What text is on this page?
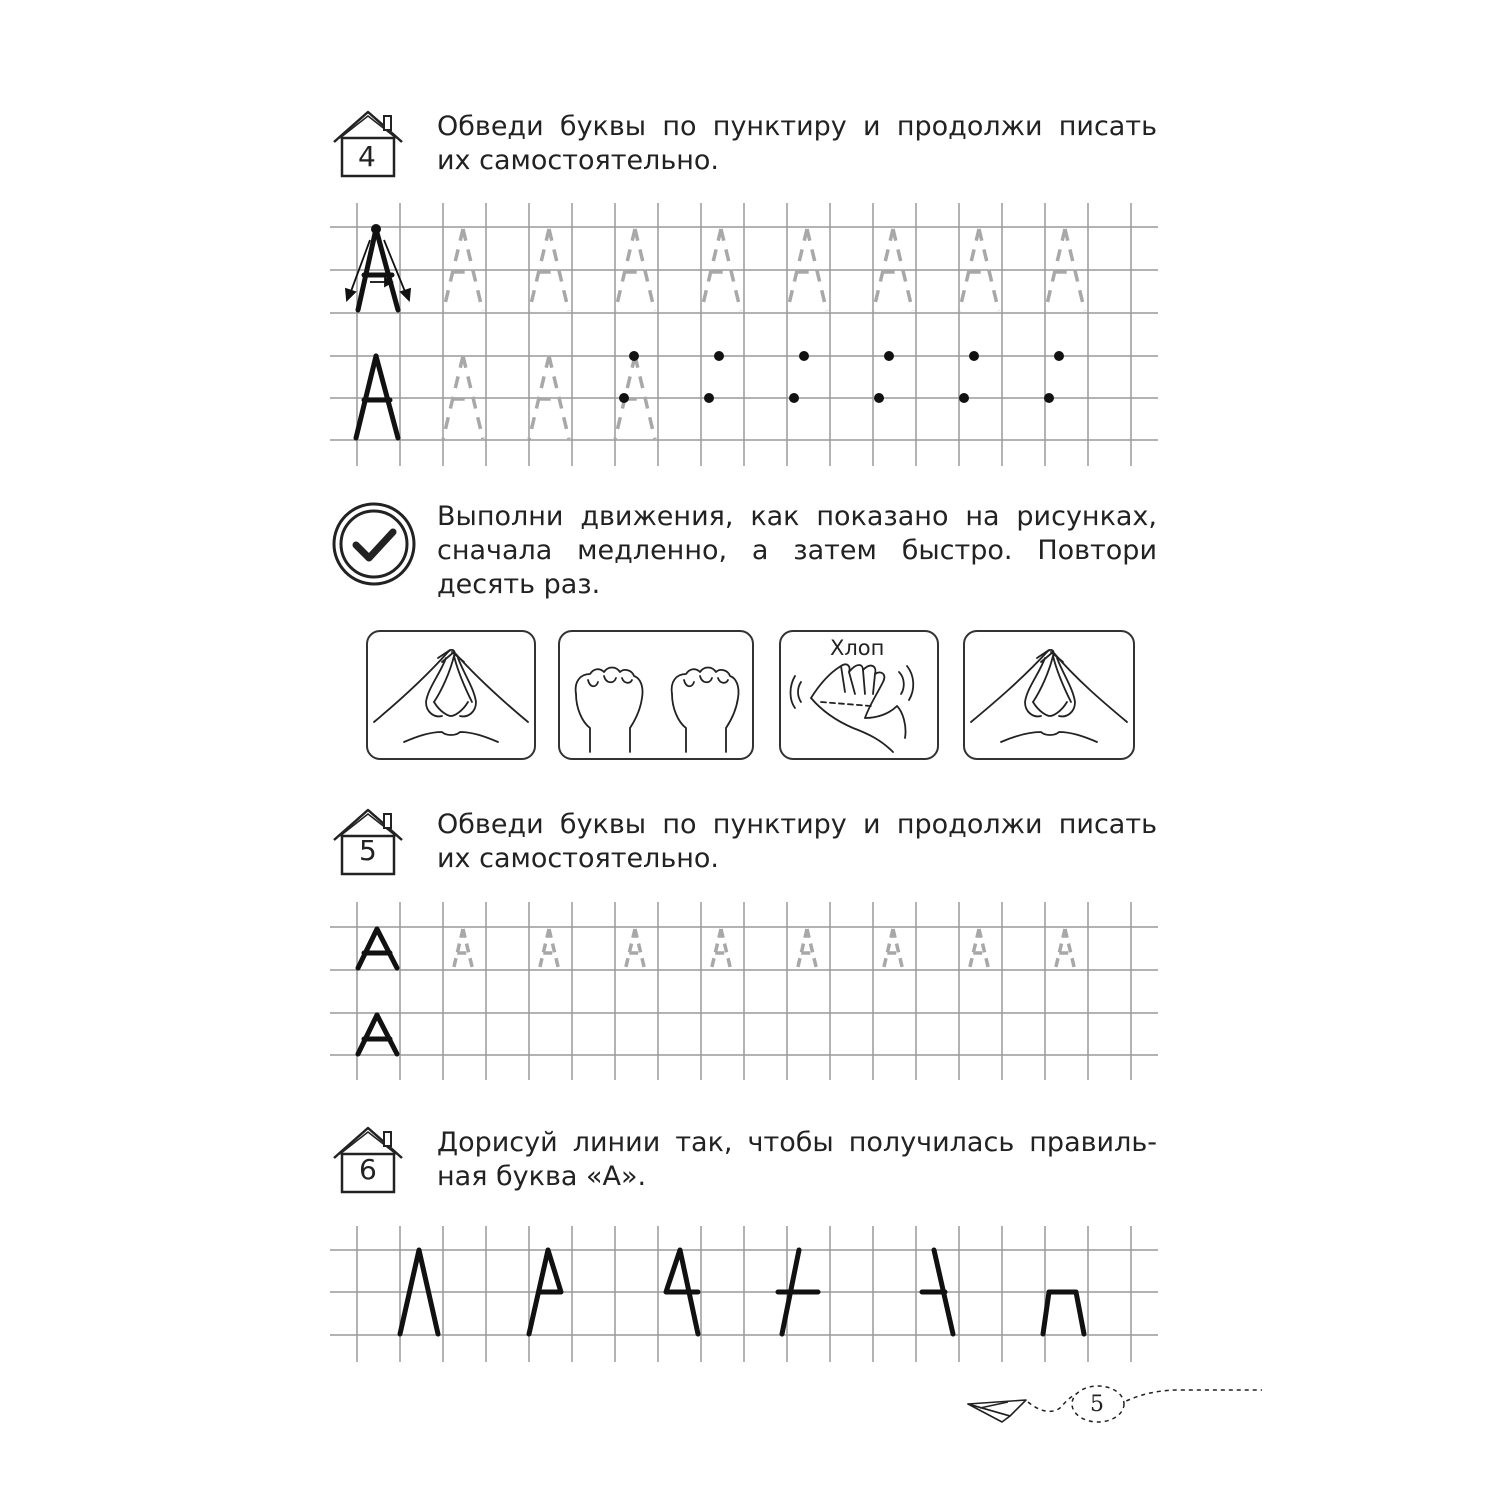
4
Обведи буквы по пунктиру и продолжи писать
их самостоятельно.
Выполни движения, как показано на рисунках,
сначала медленно, а затем быстро. Повтори
десять раз.
Хлоп
5
Обведи буквы по пунктиру и продолжи писать
их самостоятельно.
6
Дорисуй линии так, чтобы получилась правиль-
ная буква «А».
5
